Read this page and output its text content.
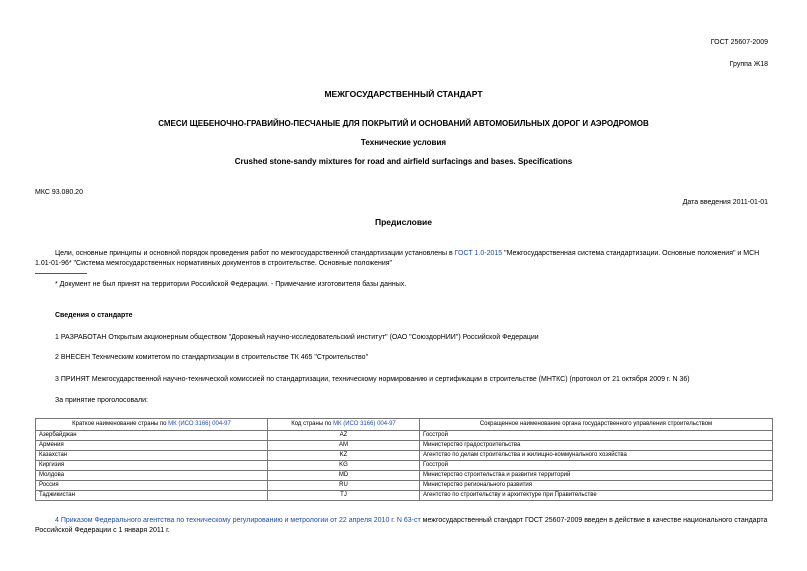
ГОСТ 25607-2009
Группа Ж18
МЕЖГОСУДАРСТВЕННЫЙ СТАНДАРТ
СМЕСИ ЩЕБЕНОЧНО-ГРАВИЙНО-ПЕСЧАНЫЕ ДЛЯ ПОКРЫТИЙ И ОСНОВАНИЙ АВТОМОБИЛЬНЫХ ДОРОГ И АЭРОДРОМОВ
Технические условия
Crushed stone-sandy mixtures for road and airfield surfacings and bases. Specifications
МКС 93.080.20
Дата введения 2011-01-01
Предисловие
Цели, основные принципы и основной порядок проведения работ по межгосударственной стандартизации установлены в ГОСТ 1.0-2015 "Межгосударственная система стандартизации. Основные положения" и МСН 1.01-01-96* "Система межгосударственных нормативных документов в строительстве. Основные положения"
* Документ не был принят на территории Российской Федерации. - Примечание изготовителя базы данных.
Сведения о стандарте
1 РАЗРАБОТАН Открытым акционерным обществом "Дорожный научно-исследовательский институт" (ОАО "СоюздорНИИ") Российской Федерации
2 ВНЕСЕН Техническим комитетом по стандартизации в строительстве ТК 465 "Строительство"
3 ПРИНЯТ Межгосударственной научно-технической комиссией по стандартизации, техническому нормированию и сертификации в строительстве (МНТКС) (протокол от 21 октября 2009 г. N 36)
За принятие проголосовали:
Краткое наименование страны по МК (ИСО 3166) 004-97	Код страны по МК (ИСО 3166) 004-97	Сокращенное наименование органа государственного управления строительством
Азербайджан	AZ	Госстрой
Армения	AM	Министерство градостроительства
Казахстан	KZ	Агентство по делам строительства и жилищно-коммунального хозяйства
Киргизия	KG	Госстрой
Молдова	MD	Министерство строительства и развития территорий
Россия	RU	Министерство регионального развития
Таджикистан	TJ	Агентство по строительству и архитектуре при Правительстве
4 Приказом Федерального агентства по техническому регулированию и метрологии от 22 апреля 2010 г. N 63-ст межгосударственный стандарт ГОСТ 25607-2009 введен в действие в качестве национального стандарта Российской Федерации с 1 января 2011 г.
